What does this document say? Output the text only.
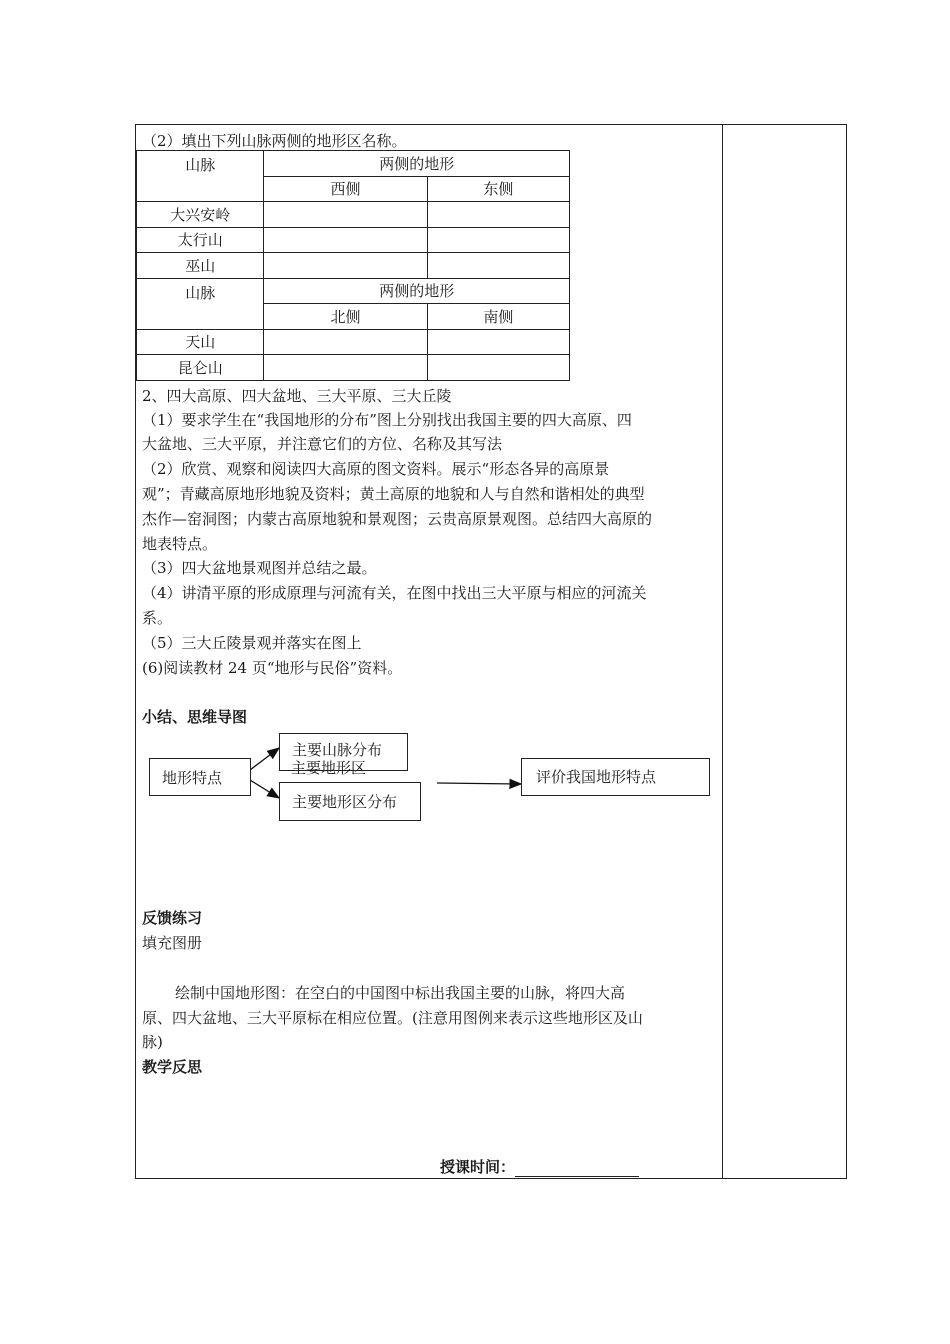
（2）填出下列山脉两侧的地形区名称。
山脉	两侧的地形	
	西侧	东侧
大兴安岭		
太行山		
巫山		
山脉	两侧的地形	
	北侧	南侧
天山		
昆仑山		
2、四大高原、四大盆地、三大平原、三大丘陵
（1）要求学生在“我国地形的分布”图上分别找出我国主要的四大高原、四
大盆地、三大平原，并注意它们的方位、名称及其写法
（2）欣赏、观察和阅读四大高原的图文资料。展示“形态各异的高原景
观”；青藏高原地形地貌及资料；黄土高原的地貌和人与自然和谐相处的典型
杰作—窑洞图；内蒙古高原地貌和景观图；云贵高原景观图。总结四大高原的
地表特点。
（3）四大盆地景观图并总结之最。
（4）讲清平原的形成原理与河流有关，在图中找出三大平原与相应的河流关
系。
（5）三大丘陵景观并落实在图上
(6)阅读教材 24 页“地形与民俗”资料。
小结、思维导图
地形特点
主要山脉分布
主要地形区
主要地形区分布
评价我国地形特点
反馈练习
填充图册
绘制中国地形图：在空白的中国图中标出我国主要的山脉，将四大高
原、四大盆地、三大平原标在相应位置。(注意用图例来表示这些地形区及山
脉)
教学反思
授课时间：
